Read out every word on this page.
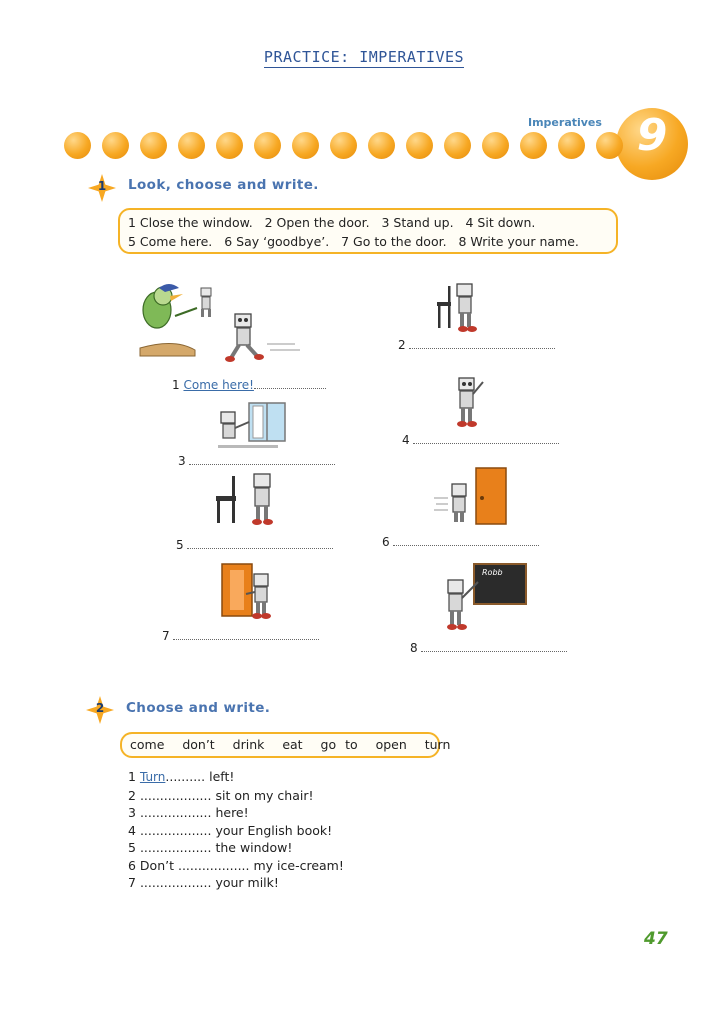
PRACTICE: IMPERATIVES
Imperatives 9
1	Look, choose and write.
1 Close the window.   2 Open the door.   3 Stand up.   4 Sit down.
5 Come here.   6 Say ‘goodbye’.   7 Go to the door.   8 Write your name.
Robb
1 Come here!
2
3
4
5	6
7
8
2	Choose and write.
come  don’t  drink  eat  go to  open  turn
1 Turn.......... left!
2 .................. sit on my chair!
3 .................. here!
4 .................. your English book!
5 .................. the window!
6 Don’t .................. my ice-cream!
7 .................. your milk!
47
